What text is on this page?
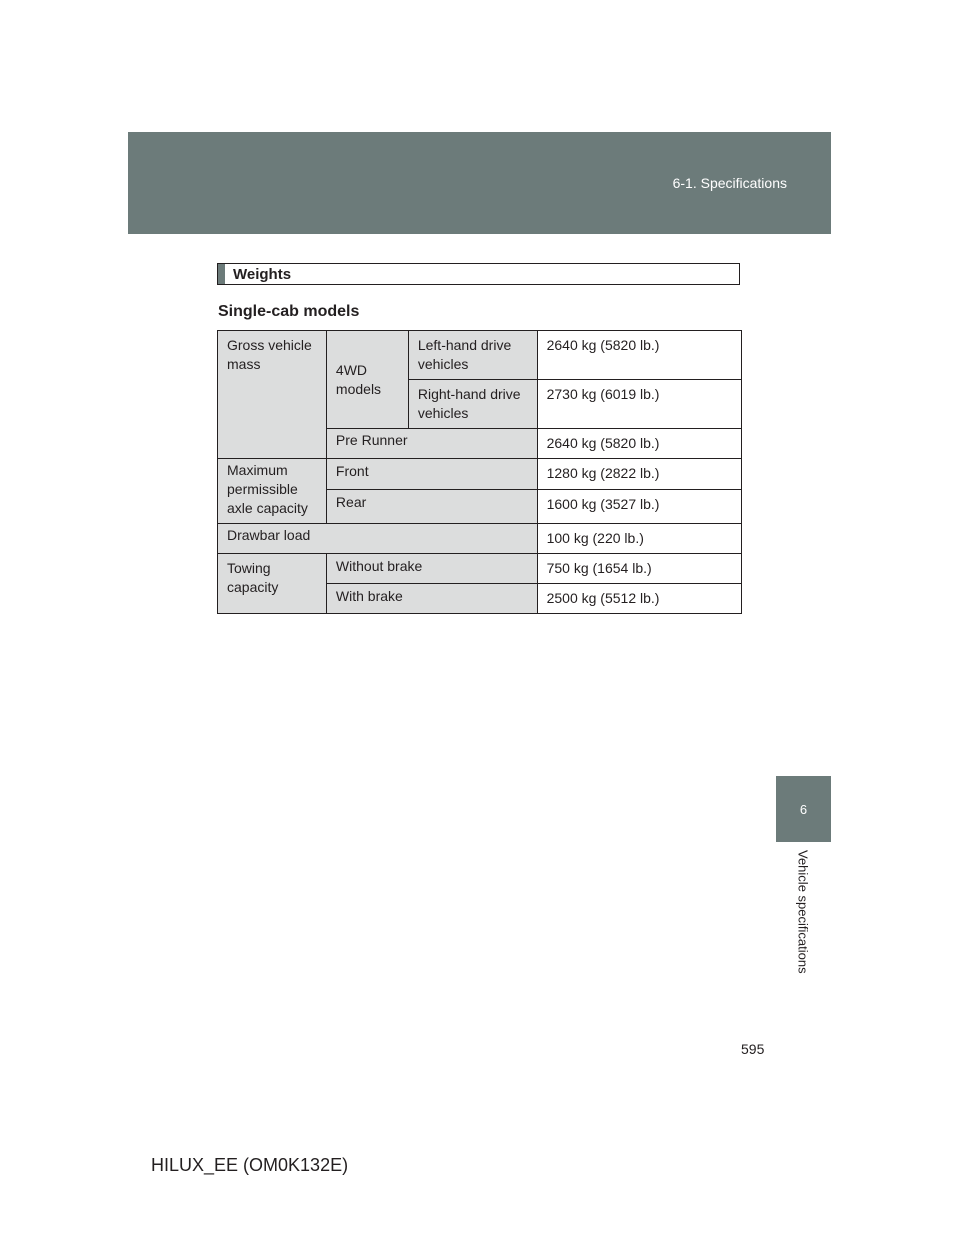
6-1. Specifications
6
Vehicle specifications
Weights
Single-cab models
Gross vehicle mass	4WD models	Left-hand drive vehicles	2640 kg (5820 lb.)
		Right-hand drive vehicles	2730 kg (6019 lb.)
	Pre Runner		2640 kg (5820 lb.)
Maximum permissible axle capacity	Front		1280 kg (2822 lb.)
	Rear		1600 kg (3527 lb.)
Drawbar load			100 kg (220 lb.)
Towing capacity	Without brake		750 kg (1654 lb.)
	With brake		2500 kg (5512 lb.)
595
HILUX_EE (OM0K132E)
